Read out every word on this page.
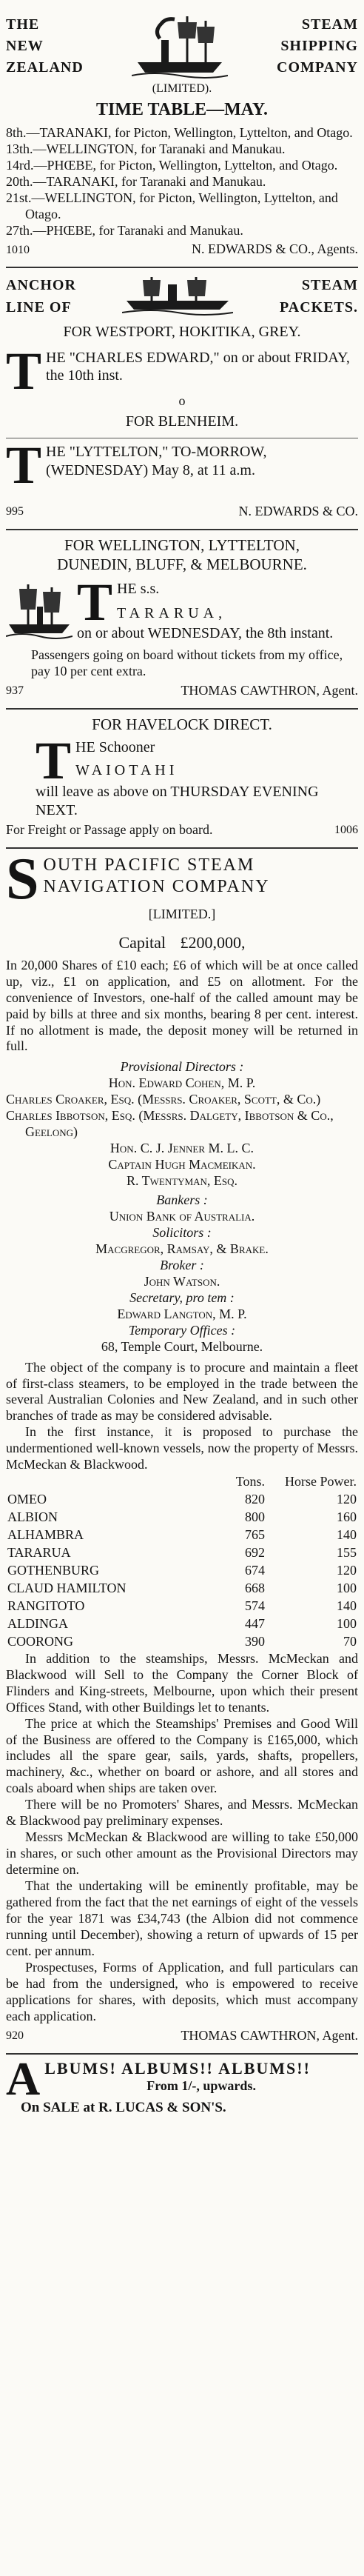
THE
NEW
ZEALAND
STEAM
SHIPPING
COMPANY
(LIMITED).
TIME TABLE—MAY.

8th.—TARANAKI, for Picton, Wellington, Lyttelton, and Otago.

13th.—WELLINGTON, for Taranaki and Manukau.

14rd.—PHŒBE, for Picton, Wellington, Lyttelton, and Otago.

20th.—TARANAKI, for Taranaki and Manukau.

21st.—WELLINGTON, for Picton, Wellington, Lyttelton, and Otago.

27th.—PHŒBE, for Taranaki and Manukau.

1010	N. EDWARDS & CO., Agents.
ANCHOR
LINE OF
STEAM
PACKETS.
FOR WESTPORT, HOKITIKA, GREY.
T HE "CHARLES EDWARD," on or about FRIDAY, the 10th inst.

o
FOR BLENHEIM.
T HE "LYTTELTON," TO-MORROW, (WEDNESDAY) May 8, at 11 a.m.

995	N. EDWARDS & CO.
FOR WELLINGTON, LYTTELTON,
DUNEDIN, BLUFF, & MELBOURNE.
T HE s.s.

TARARUA,

on or about WEDNESDAY, the 8th instant.

Passengers going on board without tickets from my office, pay 10 per cent extra.

937	THOMAS CAWTHRON, Agent.
FOR HAVELOCK DIRECT.
T HE Schooner

WAIOTAHI

will leave as above on THURSDAY EVENING NEXT.

For Freight or Passage apply on board.	1006
S OUTH PACIFIC STEAM

NAVIGATION COMPANY

[LIMITED.]
Capital £200,000,

In 20,000 Shares of £10 each; £6 of which will be at once called up, viz., £1 on application, and £5 on allotment. For the convenience of Investors, one-half of the called amount may be paid by bills at three and six months, bearing 8 per cent. interest. If no allotment is made, the deposit money will be returned in full.

Provisional Directors :
Hon. Edward Cohen, M. P.

Charles Croaker, Esq. (Messrs. Croaker, Scott, & Co.)

Charles Ibbotson, Esq. (Messrs. Dalgety, Ibbotson & Co., Geelong)

Hon. C. J. Jenner M. L. C.
Captain Hugh Macmeikan.
R. Twentyman, Esq.
Bankers :
Union Bank of Australia.
Solicitors :
Macgregor, Ramsay, & Brake.
Broker :
John Watson.
Secretary, pro tem :
Edward Langton, M. P.
Temporary Offices :
68, Temple Court, Melbourne.

The object of the company is to procure and maintain a fleet of first-class steamers, to be employed in the trade between the several Australian Colonies and New Zealand, and in such other branches of trade as may be considered advisable.

In the first instance, it is proposed to purchase the undermentioned well-known vessels, now the property of Messrs. McMeckan & Blackwood.

	Tons.	Horse Power.
OMEO	820	120
ALBION	800	160
ALHAMBRA	765	140
TARARUA	692	155
GOTHENBURG	674	120
CLAUD HAMILTON	668	100
RANGITOTO	574	140
ALDINGA	447	100
COORONG	390	70

In addition to the steamships, Messrs. McMeckan and Blackwood will Sell to the Company the Corner Block of Flinders and King-streets, Melbourne, upon which their present Offices Stand, with other Buildings let to tenants.

The price at which the Steamships' Premises and Good Will of the Business are offered to the Company is £165,000, which includes all the spare gear, sails, yards, shafts, propellers, machinery, &c., whether on board or ashore, and all stores and coals aboard when ships are taken over.

There will be no Promoters' Shares, and Messrs. McMeckan & Blackwood pay preliminary expenses.

Messrs McMeckan & Blackwood are willing to take £50,000 in shares, or such other amount as the Provisional Directors may determine on.

That the undertaking will be eminently profitable, may be gathered from the fact that the net earnings of eight of the vessels for the year 1871 was £34,743 (the Albion did not commence running until December), showing a return of upwards of 15 per cent. per annum.

Prospectuses, Forms of Application, and full particulars can be had from the undersigned, who is empowered to receive applications for shares, with deposits, which must accompany each application.

920	THOMAS CAWTHRON, Agent.
A LBUMS! ALBUMS!! ALBUMS!!

From 1/-, upwards.

On SALE at R. LUCAS & SON'S.
